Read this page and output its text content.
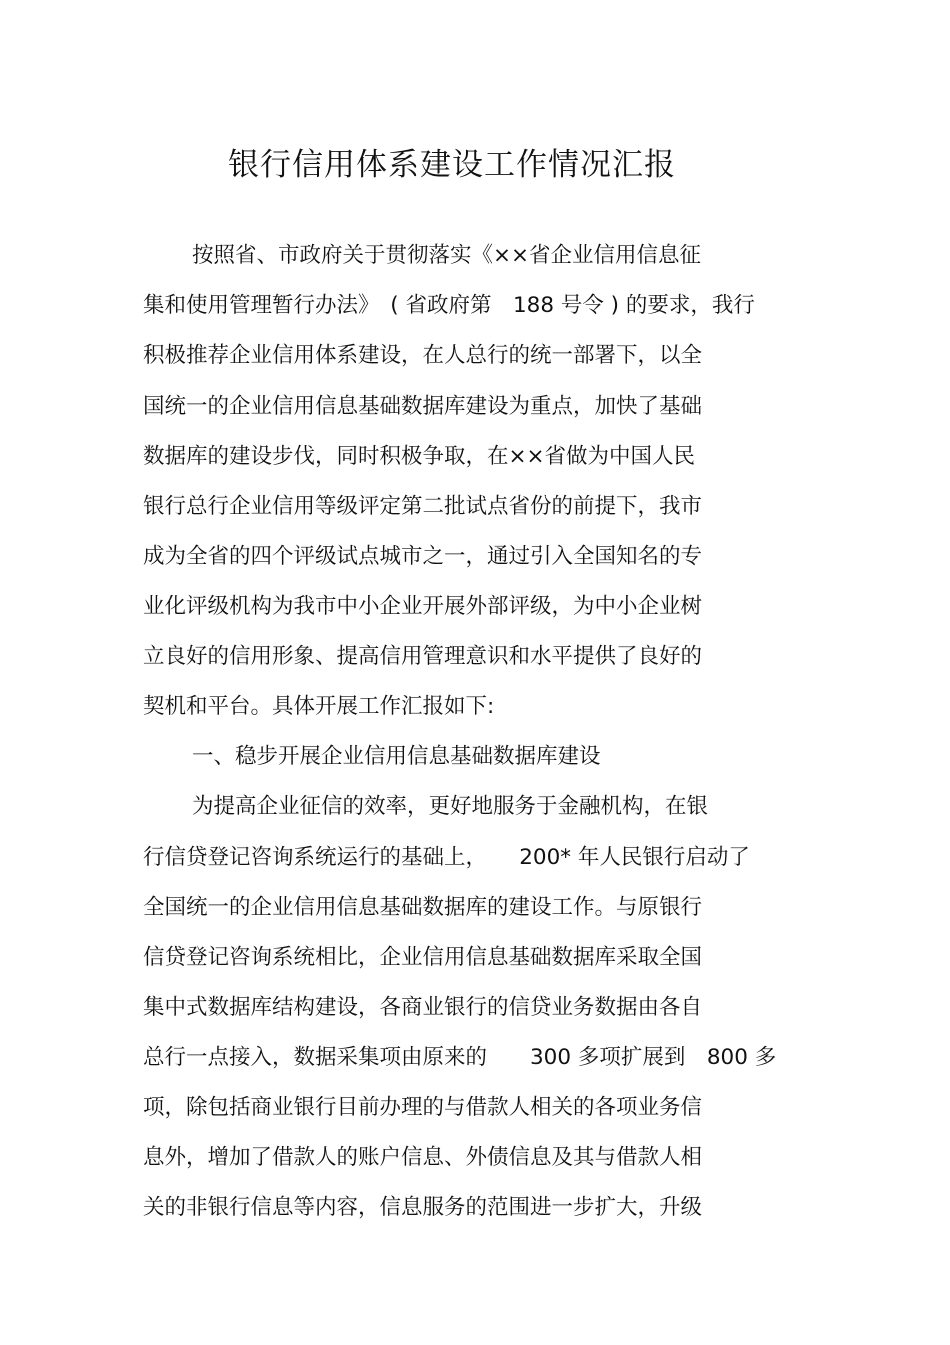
银行信用体系建设工作情况汇报
按照省、市政府关于贯彻落实《××省企业信用信息征
集和使用管理暂行办法》　( 省政府第　188 号令 ) 的要求，我行
积极推荐企业信用体系建设，在人总行的统一部署下，以全
国统一的企业信用信息基础数据库建设为重点，加快了基础
数据库的建设步伐，同时积极争取，在××省做为中国人民
银行总行企业信用等级评定第二批试点省份的前提下，我市
成为全省的四个评级试点城市之一，通过引入全国知名的专
业化评级机构为我市中小企业开展外部评级，为中小企业树
立良好的信用形象、提高信用管理意识和水平提供了良好的
契机和平台。具体开展工作汇报如下:
一、稳步开展企业信用信息基础数据库建设
为提高企业征信的效率，更好地服务于金融机构，在银
行信贷登记咨询系统运行的基础上，　　200* 年人民银行启动了
全国统一的企业信用信息基础数据库的建设工作。与原银行
信贷登记咨询系统相比，企业信用信息基础数据库采取全国
集中式数据库结构建设，各商业银行的信贷业务数据由各自
总行一点接入，数据采集项由原来的　　300 多项扩展到　800 多
项，除包括商业银行目前办理的与借款人相关的各项业务信
息外，增加了借款人的账户信息、外债信息及其与借款人相
关的非银行信息等内容，信息服务的范围进一步扩大，升级
